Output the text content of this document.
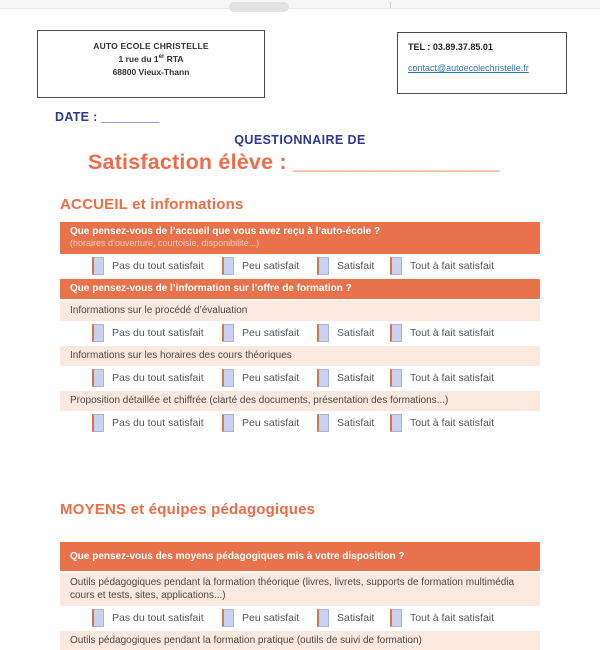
AUTO ECOLE CHRISTELLE
1 rue du 1er RTA
68800 Vieux-Thann
TEL : 03.89.37.85.01
contact@autoecolechristelle.fr
DATE : ________
QUESTIONNAIRE DE
Satisfaction élève : _________________
ACCUEIL et informations
Que pensez-vous de l’accueil que vous avez reçu à l’auto-école ?
(horaires d’ouverture, courtoisie, disponibilité...)
Pas du tout satisfait	Peu satisfait	Satisfait	Tout à fait satisfait
Que pensez-vous de l’information sur l’offre de formation ?
Informations sur le procédé d’évaluation
Pas du tout satisfait	Peu satisfait	Satisfait	Tout à fait satisfait
Informations sur les horaires des cours théoriques
Pas du tout satisfait	Peu satisfait	Satisfait	Tout à fait satisfait
Proposition détaillée et chiffrée (clarté des documents, présentation des formations...)
Pas du tout satisfait	Peu satisfait	Satisfait	Tout à fait satisfait
MOYENS et équipes pédagogiques
Que pensez-vous des moyens pédagogiques mis à votre disposition ?
Outils pédagogiques pendant la formation théorique (livres, livrets, supports de formation multimédia cours et tests, sites, applications...)
Pas du tout satisfait	Peu satisfait	Satisfait	Tout à fait satisfait
Outils pédagogiques pendant la formation pratique (outils de suivi de formation)
